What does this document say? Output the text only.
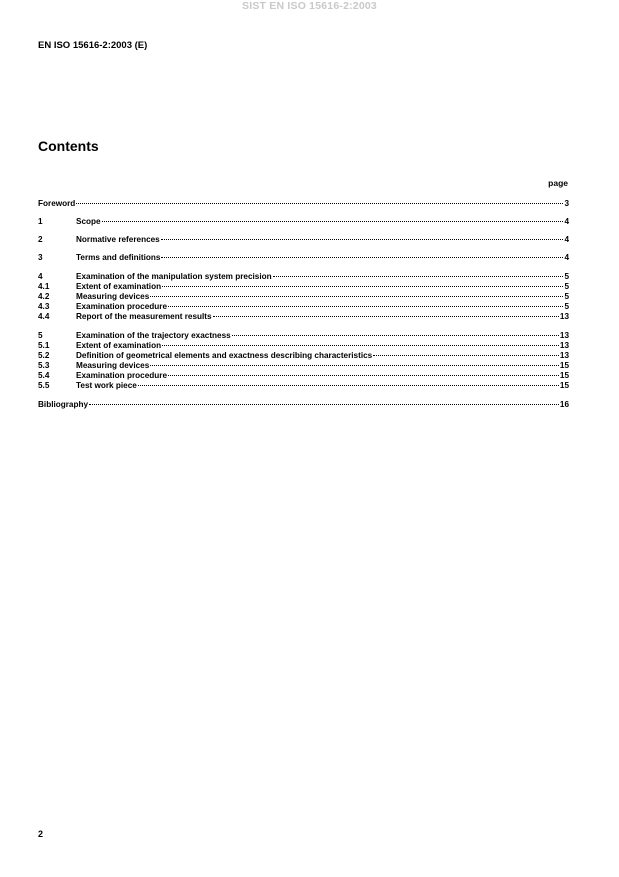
SIST EN ISO 15616-2:2003
EN ISO 15616-2:2003 (E)
Contents
page
Foreword	3
1	Scope	4
2	Normative references	4
3	Terms and definitions	4
4	Examination of the manipulation system precision	5
4.1	Extent of examination	5
4.2	Measuring devices	5
4.3	Examination procedure	5
4.4	Report of the measurement results	13
5	Examination of the trajectory exactness	13
5.1	Extent of examination	13
5.2	Definition of geometrical elements and exactness describing characteristics	13
5.3	Measuring devices	15
5.4	Examination procedure	15
5.5	Test work piece	15
Bibliography	16
2
